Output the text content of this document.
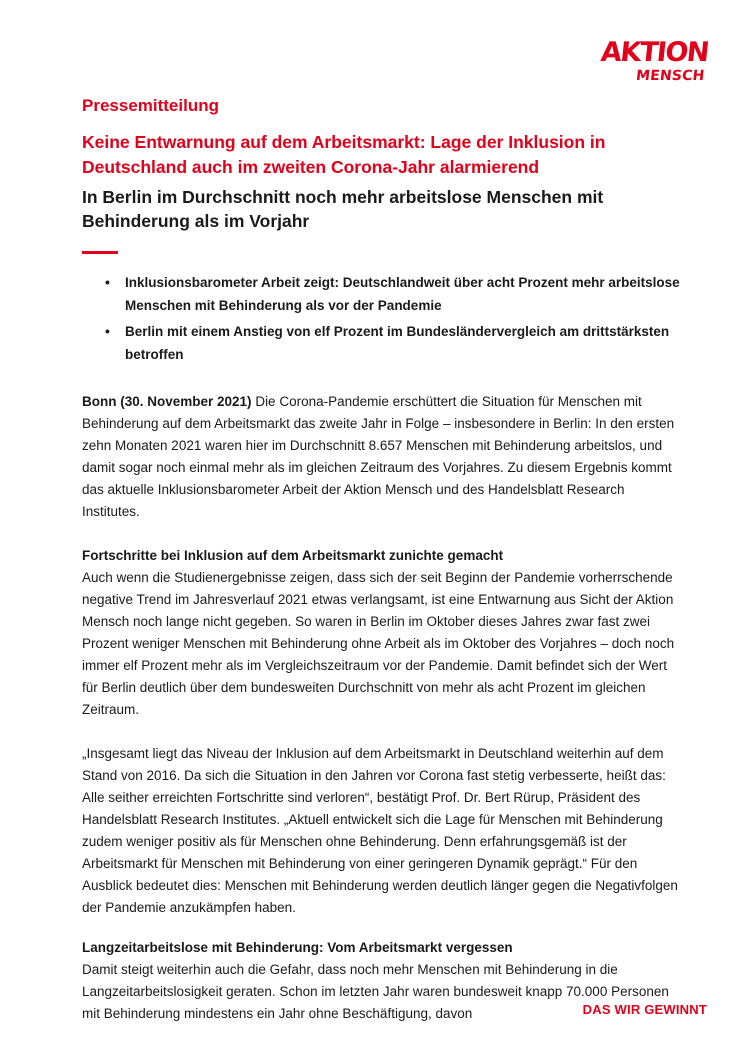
AKTION
MENSCH
Pressemitteilung
Keine Entwarnung auf dem Arbeitsmarkt: Lage der Inklusion in Deutschland auch im zweiten Corona-Jahr alarmierend
In Berlin im Durchschnitt noch mehr arbeitslose Menschen mit Behinderung als im Vorjahr
• Inklusionsbarometer Arbeit zeigt: Deutschlandweit über acht Prozent mehr arbeitslose Menschen mit Behinderung als vor der Pandemie
• Berlin mit einem Anstieg von elf Prozent im Bundesländervergleich am drittstärksten betroffen

Bonn (30. November 2021) Die Corona-Pandemie erschüttert die Situation für Menschen mit Behinderung auf dem Arbeitsmarkt das zweite Jahr in Folge – insbesondere in Berlin: In den ersten zehn Monaten 2021 waren hier im Durchschnitt 8.657 Menschen mit Behinderung arbeitslos, und damit sogar noch einmal mehr als im gleichen Zeitraum des Vorjahres. Zu diesem Ergebnis kommt das aktuelle Inklusionsbarometer Arbeit der Aktion Mensch und des Handelsblatt Research Institutes.

Fortschritte bei Inklusion auf dem Arbeitsmarkt zunichte gemacht

Auch wenn die Studienergebnisse zeigen, dass sich der seit Beginn der Pandemie vorherrschende negative Trend im Jahresverlauf 2021 etwas verlangsamt, ist eine Entwarnung aus Sicht der Aktion Mensch noch lange nicht gegeben. So waren in Berlin im Oktober dieses Jahres zwar fast zwei Prozent weniger Menschen mit Behinderung ohne Arbeit als im Oktober des Vorjahres – doch noch immer elf Prozent mehr als im Vergleichszeitraum vor der Pandemie. Damit befindet sich der Wert für Berlin deutlich über dem bundesweiten Durchschnitt von mehr als acht Prozent im gleichen Zeitraum.

„Insgesamt liegt das Niveau der Inklusion auf dem Arbeitsmarkt in Deutschland weiterhin auf dem Stand von 2016. Da sich die Situation in den Jahren vor Corona fast stetig verbesserte, heißt das: Alle seither erreichten Fortschritte sind verloren“, bestätigt Prof. Dr. Bert Rürup, Präsident des Handelsblatt Research Institutes. „Aktuell entwickelt sich die Lage für Menschen mit Behinderung zudem weniger positiv als für Menschen ohne Behinderung. Denn erfahrungsgemäß ist der Arbeitsmarkt für Menschen mit Behinderung von einer geringeren Dynamik geprägt.“ Für den Ausblick bedeutet dies: Menschen mit Behinderung werden deutlich länger gegen die Negativfolgen der Pandemie anzukämpfen haben.

Langzeitarbeitslose mit Behinderung: Vom Arbeitsmarkt vergessen

Damit steigt weiterhin auch die Gefahr, dass noch mehr Menschen mit Behinderung in die Langzeitarbeitslosigkeit geraten. Schon im letzten Jahr waren bundesweit knapp 70.000 Personen mit Behinderung mindestens ein Jahr ohne Beschäftigung, davon	DAS WIR GEWINNT
